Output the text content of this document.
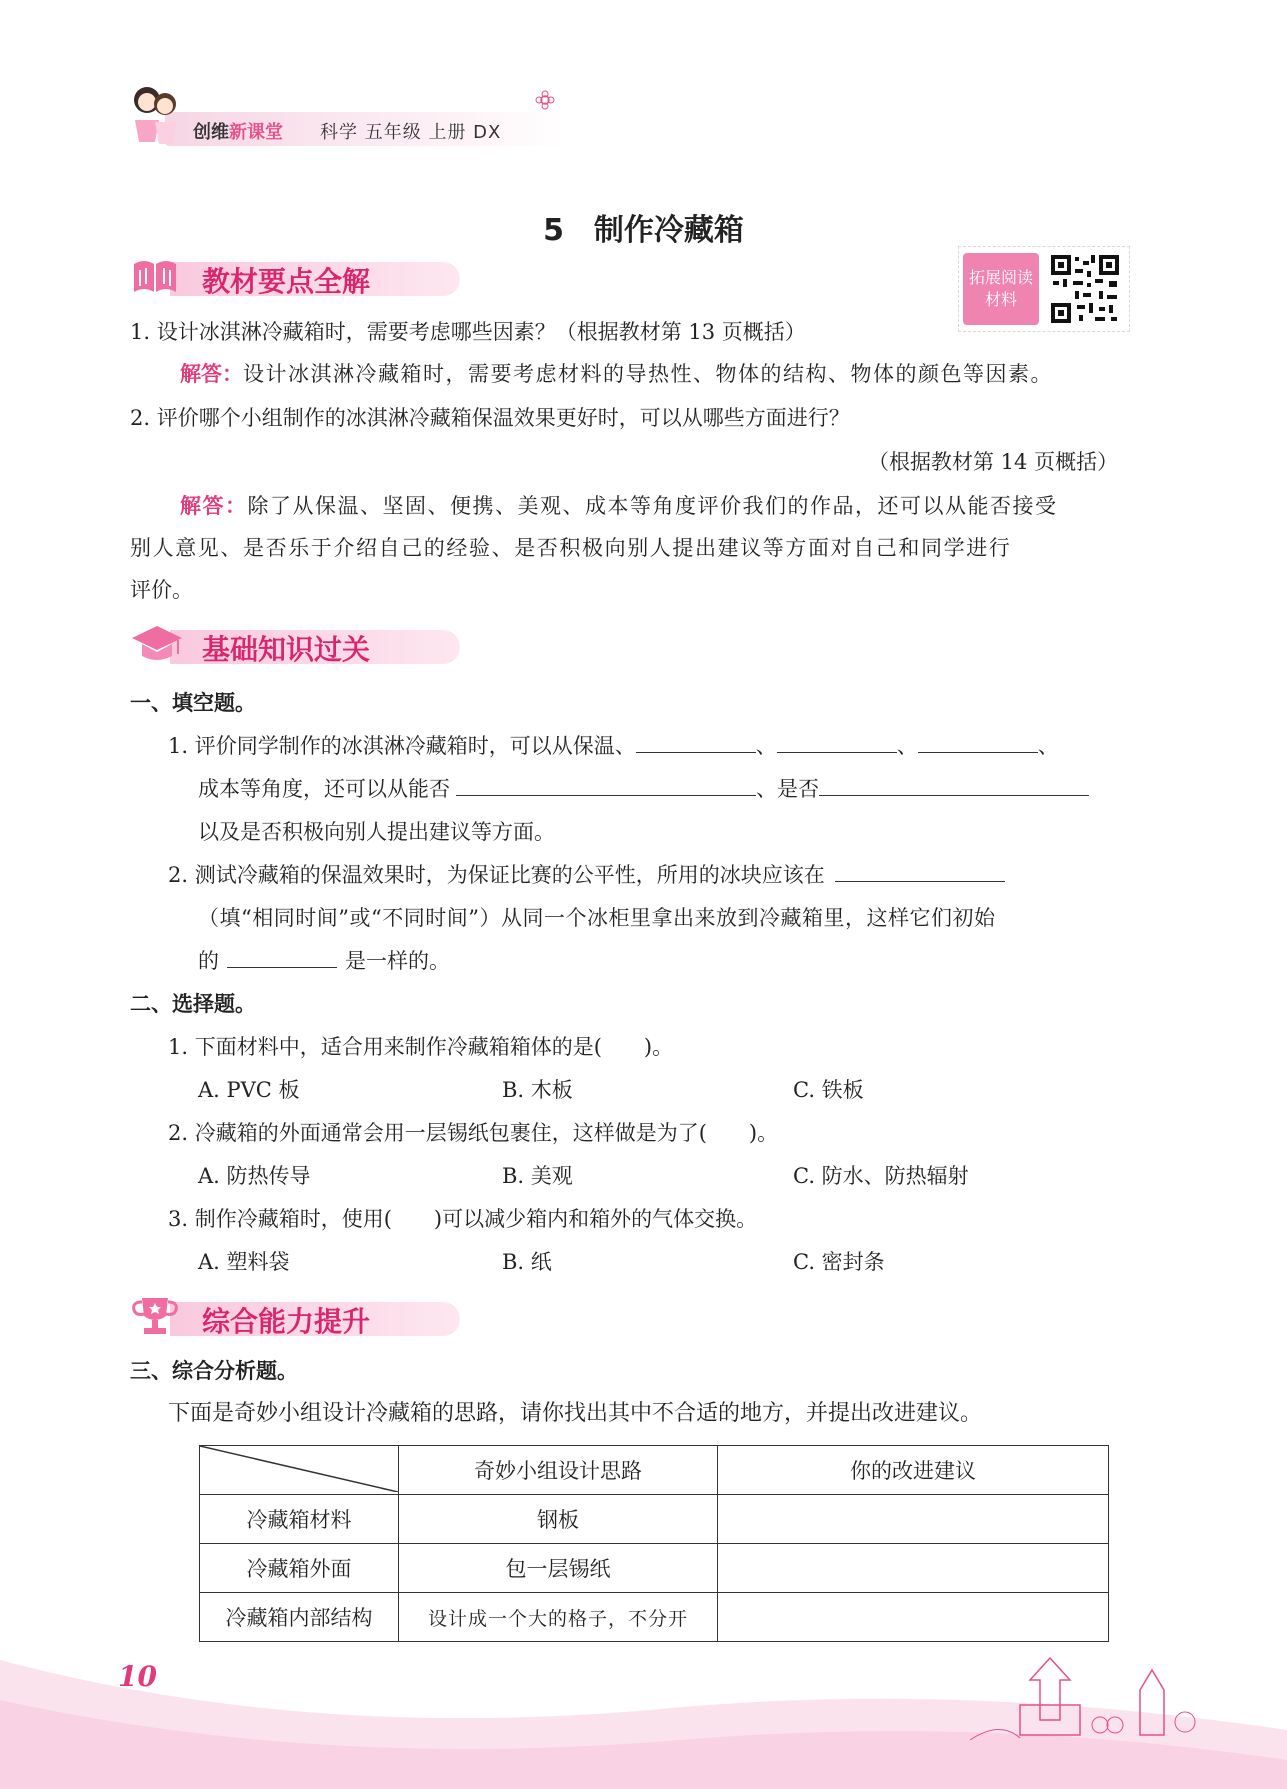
创维新课堂 科学 五年级 上册 DX
5　制作冷藏箱
教材要点全解	拓展阅读材料
1. 设计冰淇淋冷藏箱时，需要考虑哪些因素？（根据教材第 13 页概括）
解答：设计冰淇淋冷藏箱时，需要考虑材料的导热性、物体的结构、物体的颜色等因素。
2. 评价哪个小组制作的冰淇淋冷藏箱保温效果更好时，可以从哪些方面进行？
（根据教材第 14 页概括）
解答：除了从保温、坚固、便携、美观、成本等角度评价我们的作品，还可以从能否接受
别人意见、是否乐于介绍自己的经验、是否积极向别人提出建议等方面对自己和同学进行
评价。
基础知识过关
一、填空题。
1. 评价同学制作的冰淇淋冷藏箱时，可以从保温、	、	、	、
成本等角度，还可以从能否	、是否
以及是否积极向别人提出建议等方面。
2. 测试冷藏箱的保温效果时，为保证比赛的公平性，所用的冰块应该在
（填“相同时间”或“不同时间”）从同一个冰柜里拿出来放到冷藏箱里，这样它们初始
的	是一样的。
二、选择题。
1. 下面材料中，适合用来制作冷藏箱箱体的是(　　)。
A. PVC 板	B. 木板	C. 铁板
2. 冷藏箱的外面通常会用一层锡纸包裹住，这样做是为了(　　)。
A. 防热传导	B. 美观	C. 防水、防热辐射
3. 制作冷藏箱时，使用(　　)可以减少箱内和箱外的气体交换。
A. 塑料袋	B. 纸	C. 密封条
综合能力提升
三、综合分析题。
下面是奇妙小组设计冷藏箱的思路，请你找出其中不合适的地方，并提出改进建议。
	奇妙小组设计思路	你的改进建议
冷藏箱材料	钢板	
冷藏箱外面	包一层锡纸	
冷藏箱内部结构	设计成一个大的格子，不分开	
10
